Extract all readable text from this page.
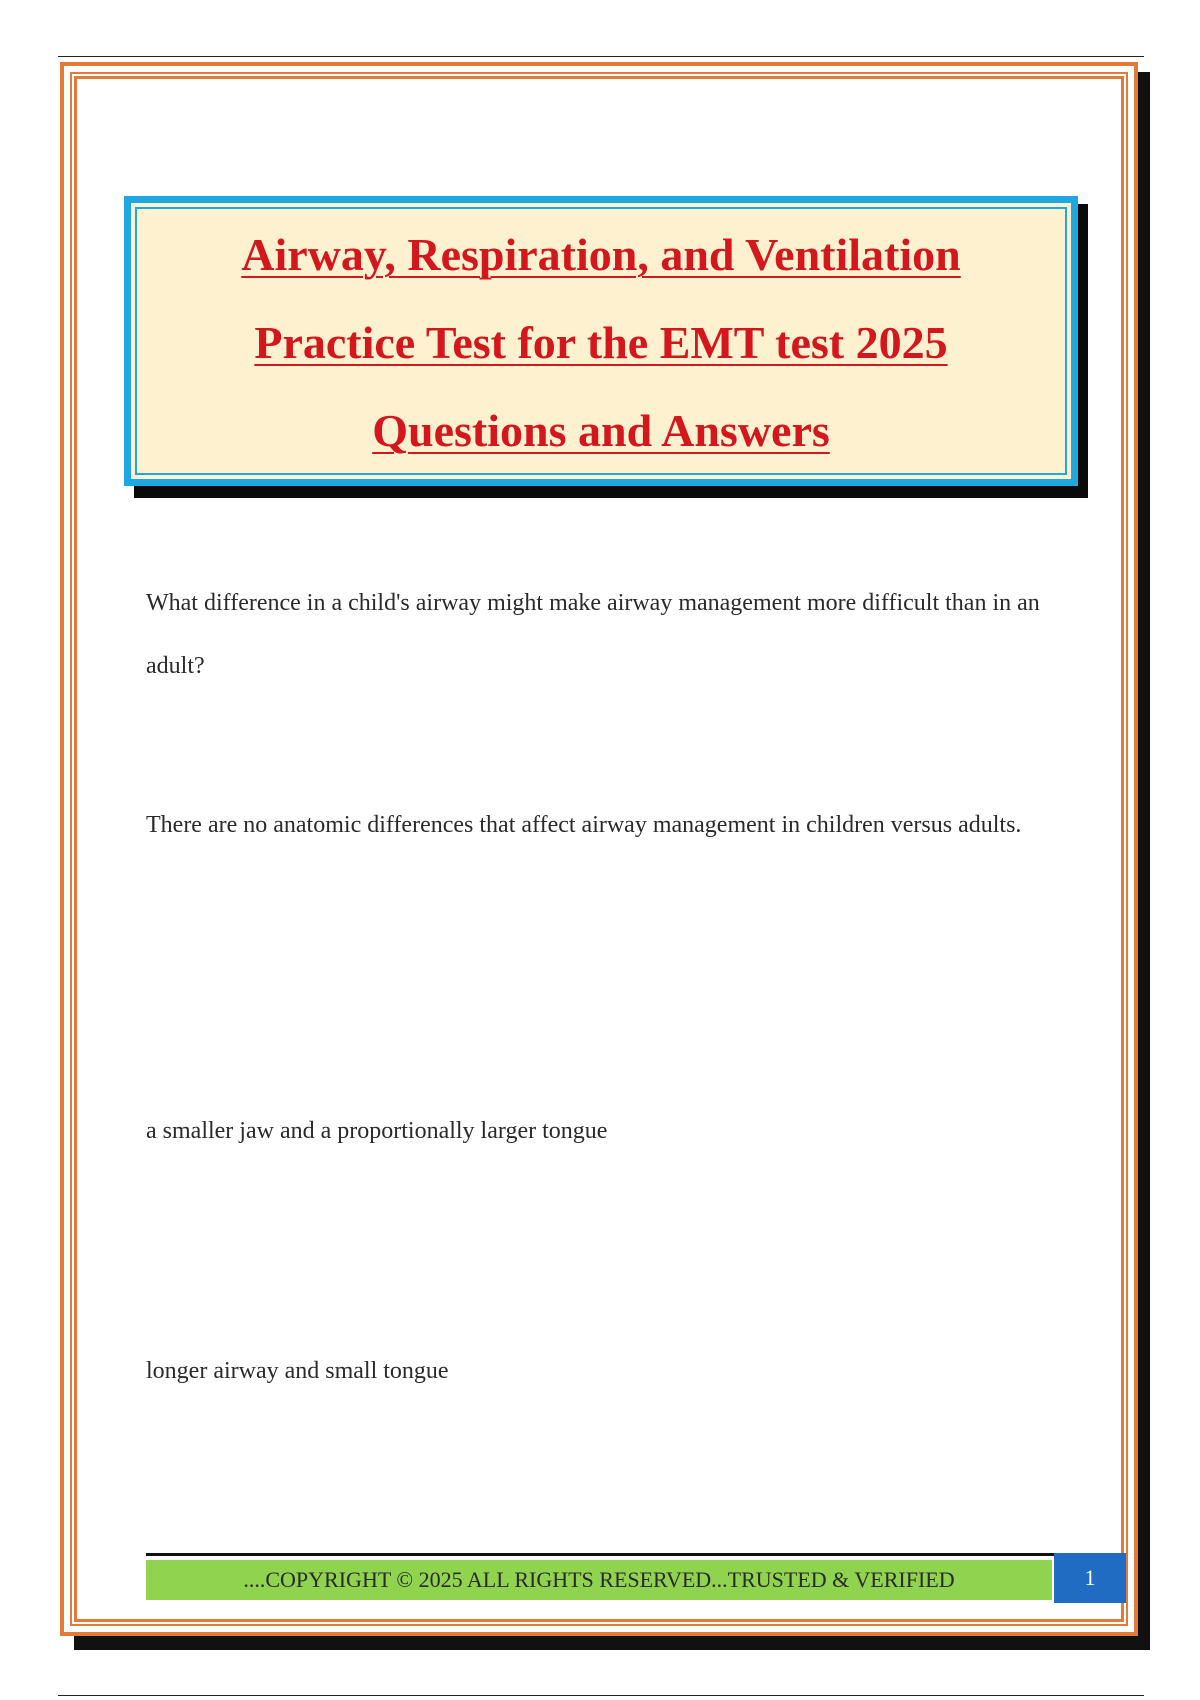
Airway, Respiration, and Ventilation
Practice Test for the EMT test 2025
Questions and Answers

What difference in a child's airway might make airway management more difficult than in an adult?

There are no anatomic differences that affect airway management in children versus adults.

a smaller jaw and a proportionally larger tongue

longer airway and small tongue

....COPYRIGHT © 2025 ALL RIGHTS RESERVED...TRUSTED & VERIFIED	1
